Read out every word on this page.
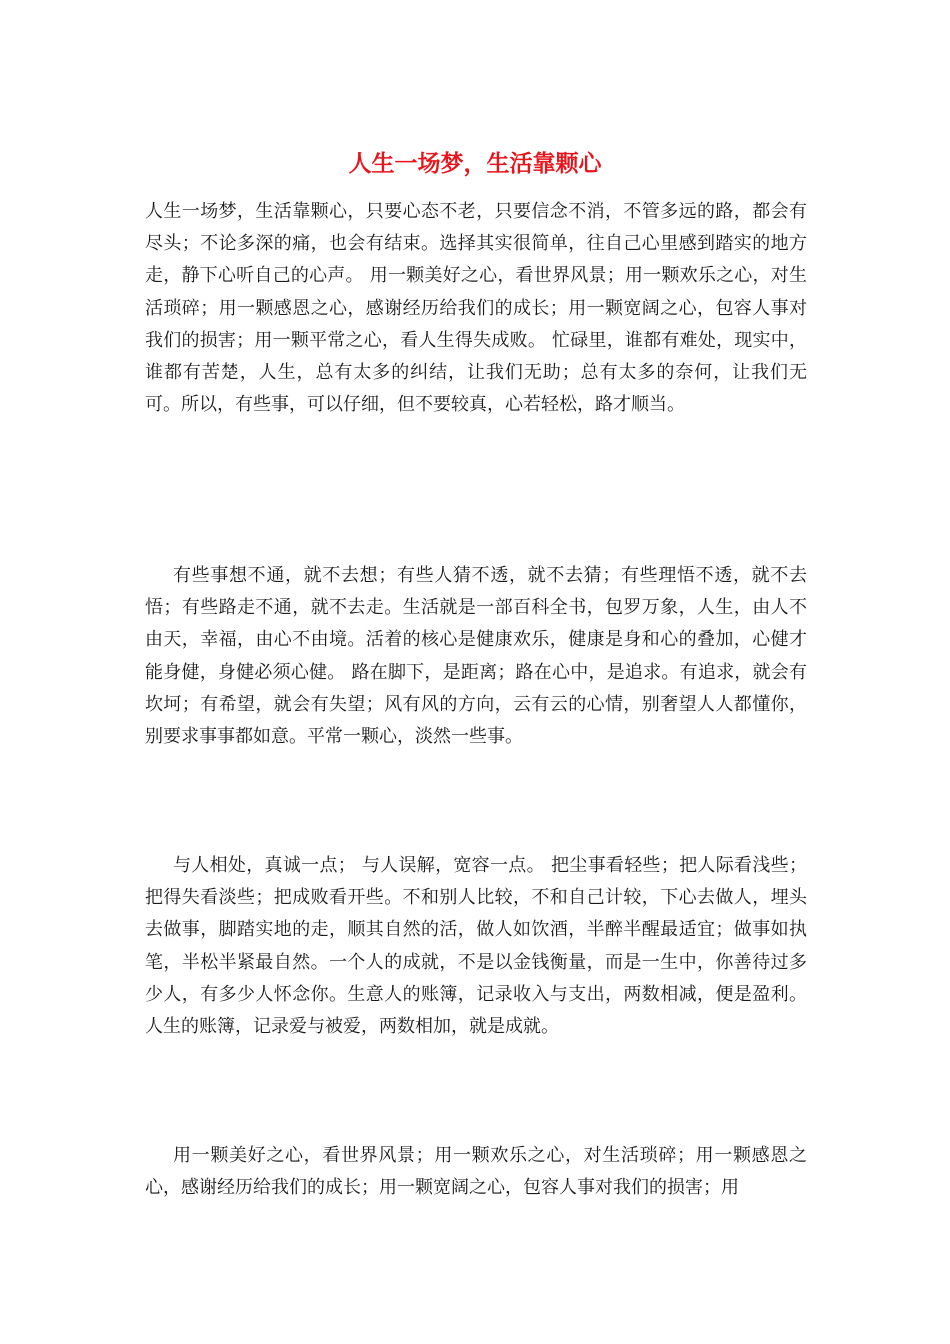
人生一场梦，生活靠颗心

人生一场梦，生活靠颗心，只要心态不老，只要信念不消，不管多远的路，都会有尽头；不论多深的痛，也会有结束。选择其实很简单，往自己心里感到踏实的地方走，静下心听自己的心声。 用一颗美好之心，看世界风景；用一颗欢乐之心，对生活琐碎；用一颗感恩之心，感谢经历给我们的成长；用一颗宽阔之心，包容人事对我们的损害；用一颗平常之心，看人生得失成败。 忙碌里，谁都有难处，现实中，谁都有苦楚，人生，总有太多的纠结，让我们无助；总有太多的奈何，让我们无可。所以，有些事，可以仔细，但不要较真，心若轻松，路才顺当。

有些事想不通，就不去想；有些人猜不透，就不去猜；有些理悟不透，就不去悟；有些路走不通，就不去走。生活就是一部百科全书，包罗万象，人生，由人不由天，幸福，由心不由境。活着的核心是健康欢乐，健康是身和心的叠加，心健才能身健，身健必须心健。 路在脚下，是距离；路在心中，是追求。有追求，就会有坎坷；有希望，就会有失望；风有风的方向，云有云的心情，别奢望人人都懂你，别要求事事都如意。平常一颗心，淡然一些事。

与人相处，真诚一点； 与人误解，宽容一点。 把尘事看轻些；把人际看浅些；把得失看淡些；把成败看开些。不和别人比较，不和自己计较，下心去做人，埋头去做事，脚踏实地的走，顺其自然的活，做人如饮酒，半醉半醒最适宜；做事如执笔，半松半紧最自然。一个人的成就，不是以金钱衡量，而是一生中，你善待过多少人，有多少人怀念你。生意人的账簿，记录收入与支出，两数相减，便是盈利。人生的账簿，记录爱与被爱，两数相加，就是成就。

用一颗美好之心，看世界风景；用一颗欢乐之心，对生活琐碎；用一颗感恩之心，感谢经历给我们的成长；用一颗宽阔之心，包容人事对我们的损害；用
